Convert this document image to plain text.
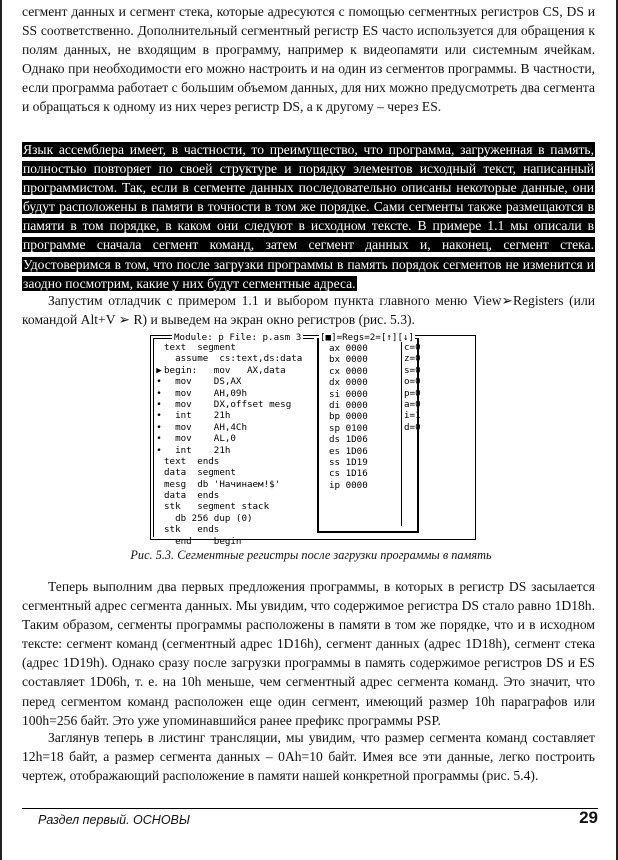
сегмент данных и сегмент стека, которые адресуются с помощью сегментных регистров CS, DS и SS соответственно. Дополнительный сегментный регистр ES часто используется для обращения к полям данных, не входящим в программу, например к видеопамяти или системным ячейкам. Однако при необходимости его можно настроить и на один из сегментов программы. В частности, если программа работает с большим объемом данных, для них можно предусмотреть два сегмента и обращаться к одному из них через регистр DS, а к другому – через ES.

Язык ассемблера имеет, в частности, то преимущество, что программа, загруженная в память, полностью повторяет по своей структуре и порядку элементов исходный текст, написанный программистом. Так, если в сегменте данных последовательно описаны некоторые данные, они будут расположены в памяти в точности в том же порядке. Сами сегменты также размещаются в памяти в том порядке, в каком они следуют в исходном тексте. В примере 1.1 мы описали в программе сначала сегмент команд, затем сегмент данных и, наконец, сегмент стека. Удостоверимся в том, что после загрузки программы в память порядок сегментов не изменится и заодно посмотрим, какие у них будут сегментные адреса.

Запустим отладчик с примером 1.1 и выбором пункта главного меню View➢Registers (или командой Alt+V ➢ R) и выведем на экран окно регистров (рис. 5.3).

Module: p File: p.asm 3
text  segment
assume  cs:text,ds:data
▶ begin:   mov   AX,data
•  mov    DS,AX
•  mov    AH,09h
•  mov    DX,offset mesg
•  int    21h
•  mov    AH,4Ch
•  mov    AL,0
•  int    21h
text  ends
data  segment
mesg  db 'Начинаем!$'
data  ends
stk   segment stack
db 256 dup (0)
stk   ends
end    begin
[■]=Regs=2=[↑][↓]
ax 0000
bx 0000
cx 0000
dx 0000
si 0000
di 0000
bp 0000
sp 0100
ds 1D06
es 1D06
ss 1D19
cs 1D16
ip 0000
c=0
z=0
s=0
o=0
p=0
a=0
i=1
d=0
Рис. 5.3. Сегментные регистры после загрузки программы в память

Теперь выполним два первых предложения программы, в которых в регистр DS засылается сегментный адрес сегмента данных. Мы увидим, что содержимое регистра DS стало равно 1D18h. Таким образом, сегменты программы расположены в памяти в том же порядке, что и в исходном тексте: сегмент команд (сегментный адрес 1D16h), сегмент данных (адрес 1D18h), сегмент стека (адрес 1D19h). Однако сразу после загрузки программы в память содержимое регистров DS и ES составляет 1D06h, т. е. на 10h меньше, чем сегментный адрес сегмента команд. Это значит, что перед сегментом команд расположен еще один сегмент, имеющий размер 10h параграфов или 100h=256 байт. Это уже упоминавшийся ранее префикс программы PSP.

Заглянув теперь в листинг трансляции, мы увидим, что размер сегмента команд составляет 12h=18 байт, а размер сегмента данных – 0Ah=10 байт. Имея все эти данные, легко построить чертеж, отображающий расположение в памяти нашей конкретной программы (рис. 5.4).

Раздел первый. ОСНОВЫ	29
